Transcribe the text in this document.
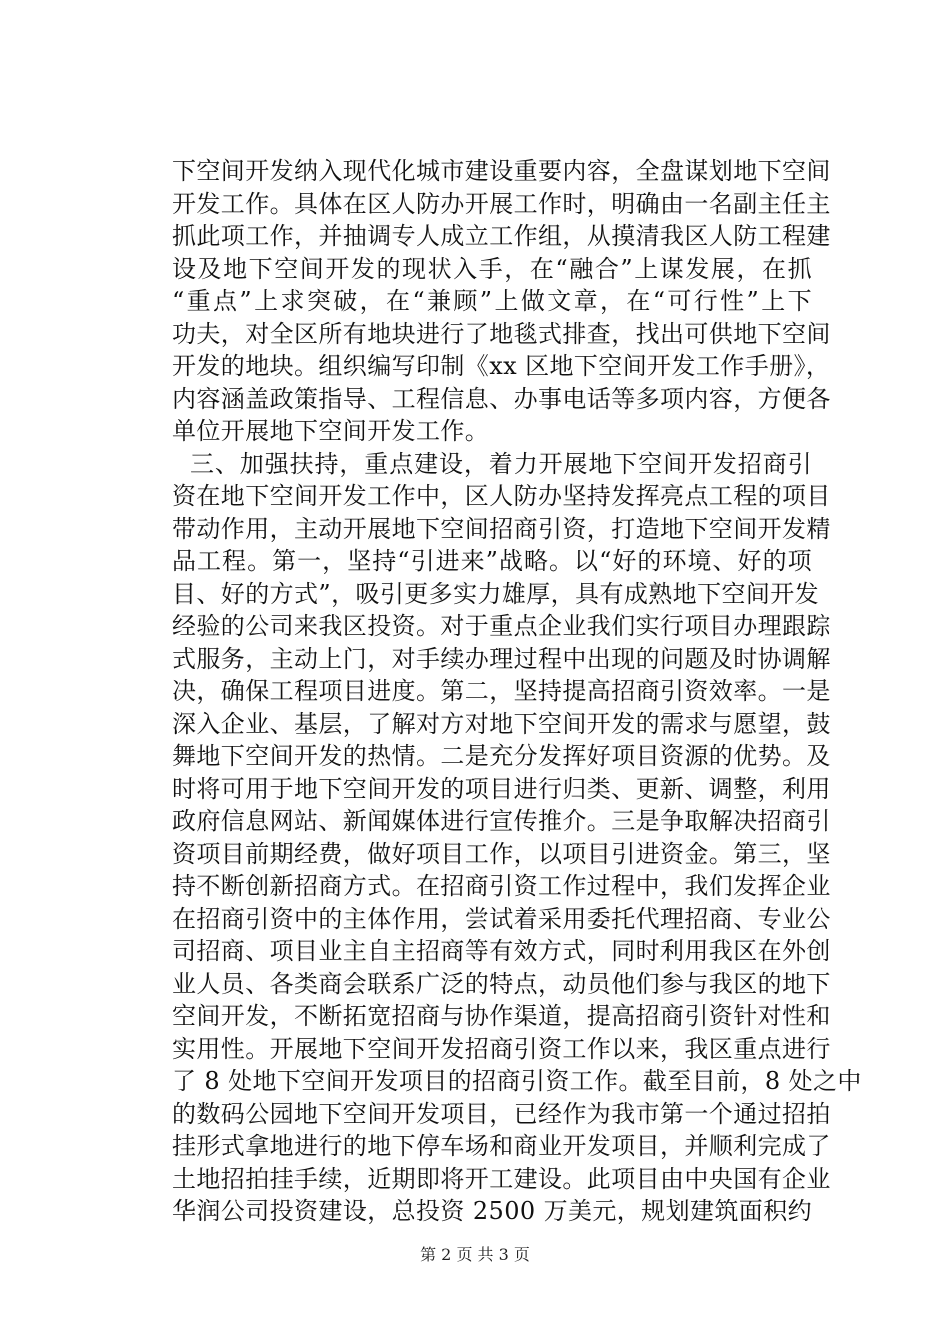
下空间开发纳入现代化城市建设重要内容，全盘谋划地下空间
开发工作。具体在区人防办开展工作时，明确由一名副主任主
抓此项工作，并抽调专人成立工作组，从摸清我区人防工程建
设及地下空间开发的现状入手，在“融合”上谋发展，在抓
“重点”上求突破，在“兼顾”上做文章，在“可行性”上下
功夫，对全区所有地块进行了地毯式排查，找出可供地下空间
开发的地块。组织编写印制《xx 区地下空间开发工作手册》，
内容涵盖政策指导、工程信息、办事电话等多项内容，方便各
单位开展地下空间开发工作。
三、加强扶持，重点建设，着力开展地下空间开发招商引
资在地下空间开发工作中，区人防办坚持发挥亮点工程的项目
带动作用，主动开展地下空间招商引资，打造地下空间开发精
品工程。第一，坚持“引进来”战略。以“好的环境、好的项
目、好的方式”，吸引更多实力雄厚，具有成熟地下空间开发
经验的公司来我区投资。对于重点企业我们实行项目办理跟踪
式服务，主动上门，对手续办理过程中出现的问题及时协调解
决，确保工程项目进度。第二，坚持提高招商引资效率。一是
深入企业、基层，了解对方对地下空间开发的需求与愿望，鼓
舞地下空间开发的热情。二是充分发挥好项目资源的优势。及
时将可用于地下空间开发的项目进行归类、更新、调整，利用
政府信息网站、新闻媒体进行宣传推介。三是争取解决招商引
资项目前期经费，做好项目工作，以项目引进资金。第三，坚
持不断创新招商方式。在招商引资工作过程中，我们发挥企业
在招商引资中的主体作用，尝试着采用委托代理招商、专业公
司招商、项目业主自主招商等有效方式，同时利用我区在外创
业人员、各类商会联系广泛的特点，动员他们参与我区的地下
空间开发，不断拓宽招商与协作渠道，提高招商引资针对性和
实用性。开展地下空间开发招商引资工作以来，我区重点进行
了 8 处地下空间开发项目的招商引资工作。截至目前，8 处之中
的数码公园地下空间开发项目，已经作为我市第一个通过招拍
挂形式拿地进行的地下停车场和商业开发项目，并顺利完成了
土地招拍挂手续，近期即将开工建设。此项目由中央国有企业
华润公司投资建设，总投资 2500 万美元，规划建筑面积约
第 2 页 共 3 页
